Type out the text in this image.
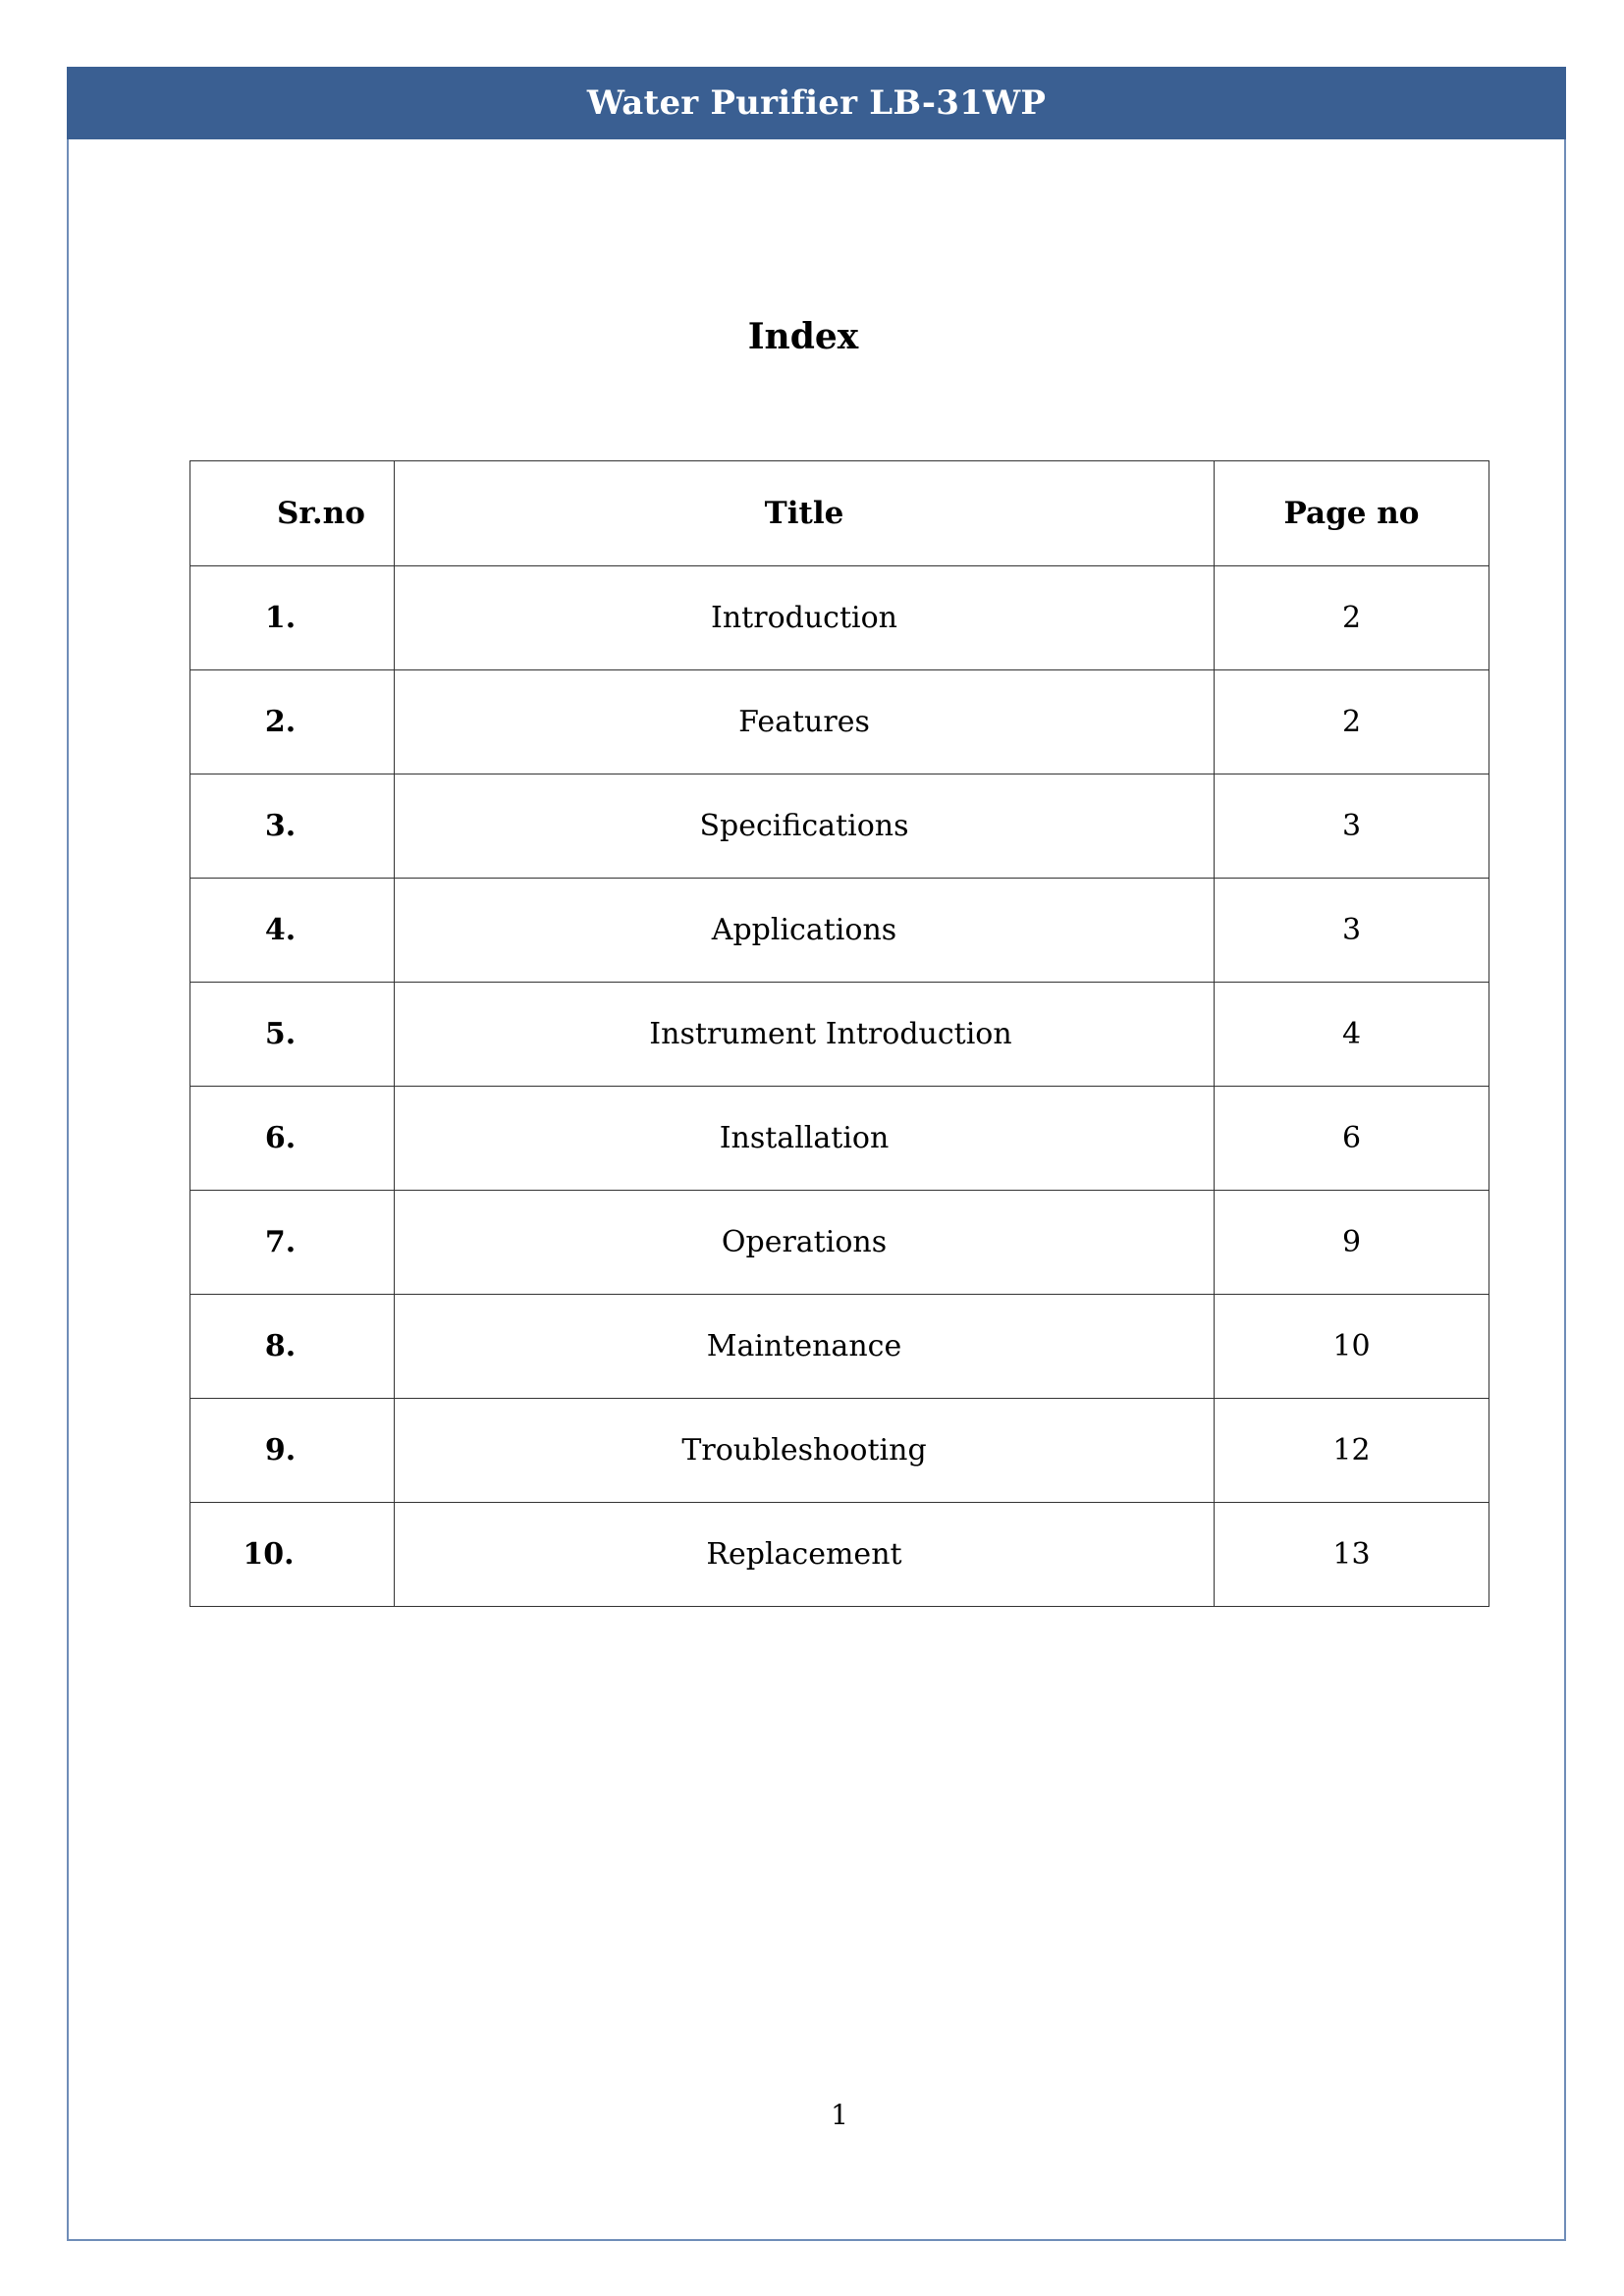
Water Purifier LB-31WP
Index
Sr.no	Title	Page no
1.	Introduction	2
2.	Features	2
3.	Specifications	3
4.	Applications	3
5.	Instrument Introduction	4
6.	Installation	6
7.	Operations	9
8.	Maintenance	10
9.	Troubleshooting	12
10.	Replacement	13
1
